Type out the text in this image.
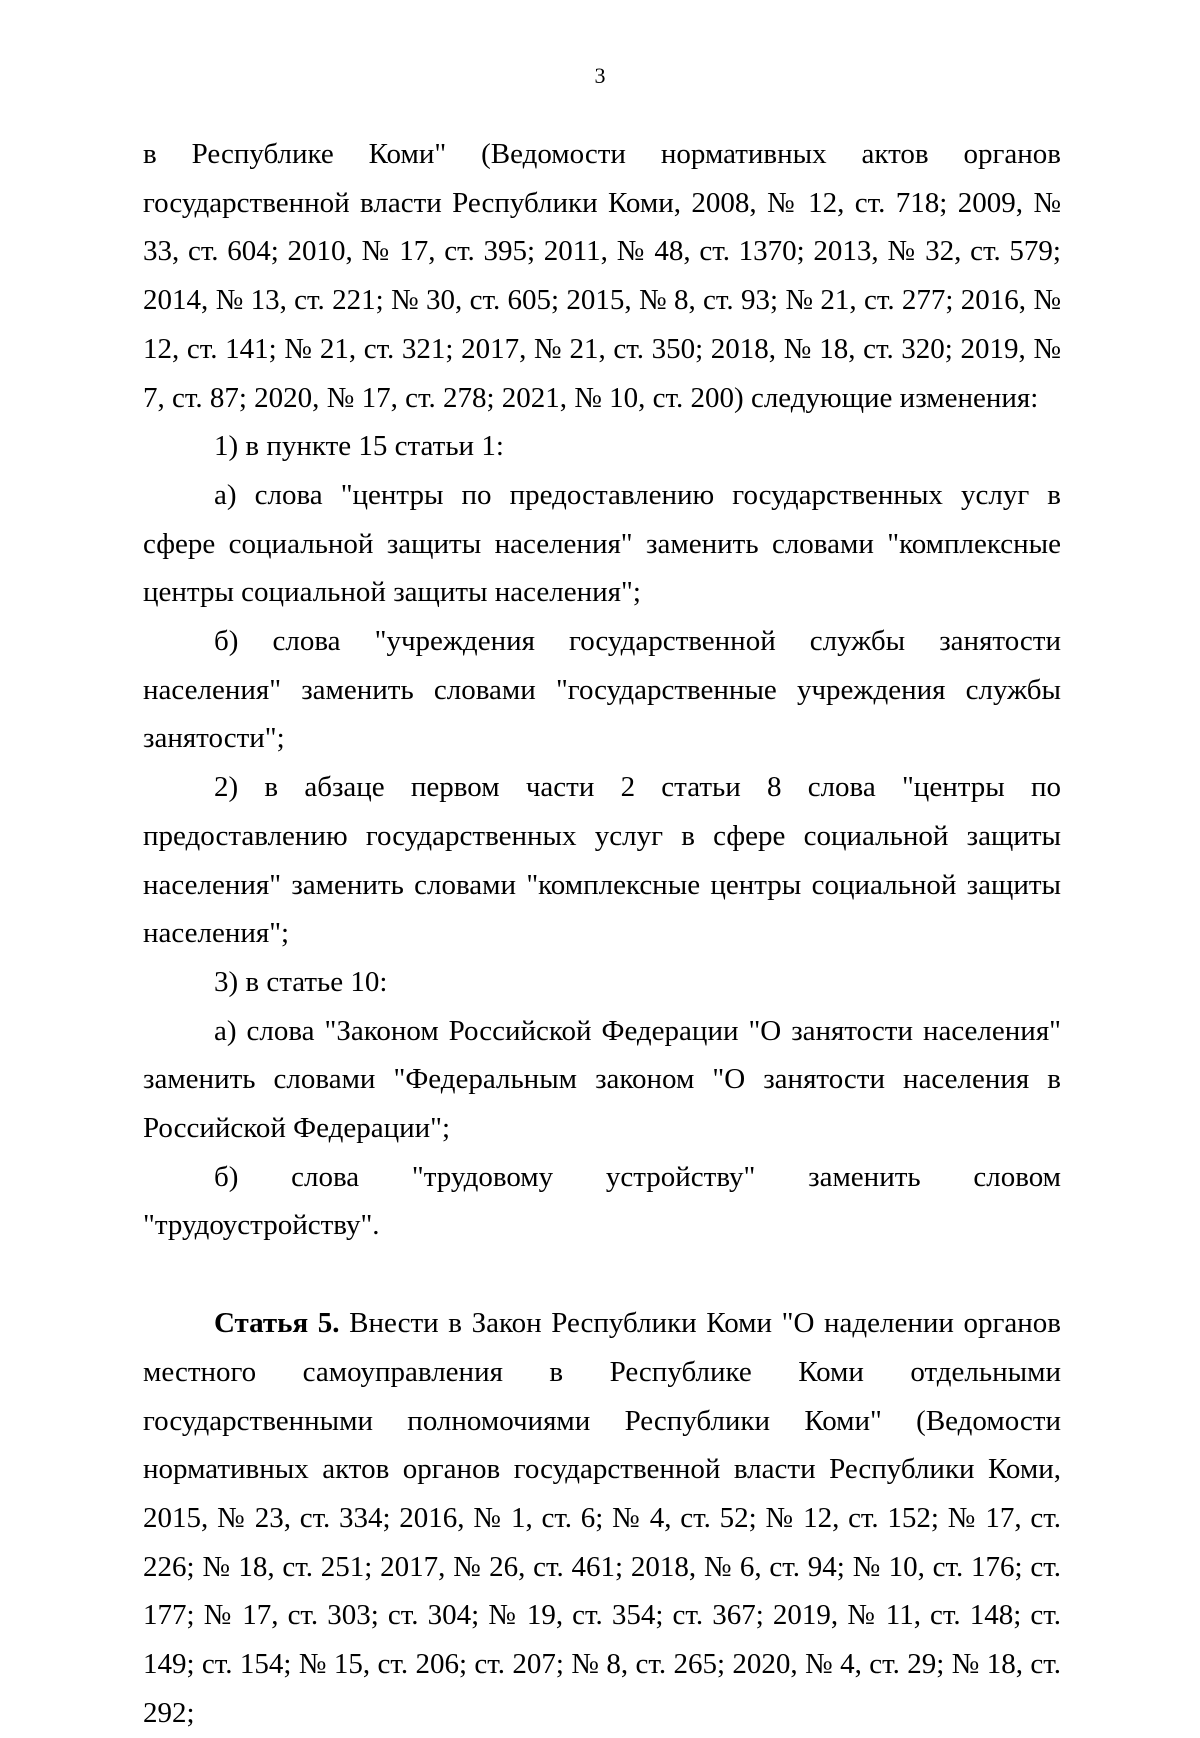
3

в Республике Коми" (Ведомости нормативных актов органов государственной власти Республики Коми, 2008, № 12, ст. 718; 2009, № 33, ст. 604; 2010, № 17, ст. 395; 2011, № 48, ст. 1370; 2013, № 32, ст. 579; 2014, № 13, ст. 221; № 30, ст. 605; 2015, № 8, ст. 93; № 21, ст. 277; 2016, № 12, ст. 141; № 21, ст. 321; 2017, № 21, ст. 350; 2018, № 18, ст. 320; 2019, № 7, ст. 87; 2020, № 17, ст. 278; 2021, № 10, ст. 200) следующие изменения:

1) в пункте 15 статьи 1:

а) слова "центры по предоставлению государственных услуг в сфере социальной защиты населения" заменить словами "комплексные центры социальной защиты населения";

б) слова "учреждения государственной службы занятости населения" заменить словами "государственные учреждения службы занятости";

2) в абзаце первом части 2 статьи 8 слова "центры по предоставлению государственных услуг в сфере социальной защиты населения" заменить словами "комплексные центры социальной защиты населения";

3) в статье 10:

а) слова "Законом Российской Федерации "О занятости населения" заменить словами "Федеральным законом "О занятости населения в Российской Федерации";

б) слова "трудовому устройству" заменить словом "трудоустройству".

Статья 5. Внести в Закон Республики Коми "О наделении органов местного самоуправления в Республике Коми отдельными государственными полномочиями Республики Коми" (Ведомости нормативных актов органов государственной власти Республики Коми, 2015, № 23, ст. 334; 2016, № 1, ст. 6; № 4, ст. 52; № 12, ст. 152; № 17, ст. 226; № 18, ст. 251; 2017, № 26, ст. 461; 2018, № 6, ст. 94; № 10, ст. 176; ст. 177; № 17, ст. 303; ст. 304; № 19, ст. 354; ст. 367; 2019, № 11, ст. 148; ст. 149; ст. 154; № 15, ст. 206; ст. 207; № 8, ст. 265; 2020, № 4, ст. 29; № 18, ст. 292;
